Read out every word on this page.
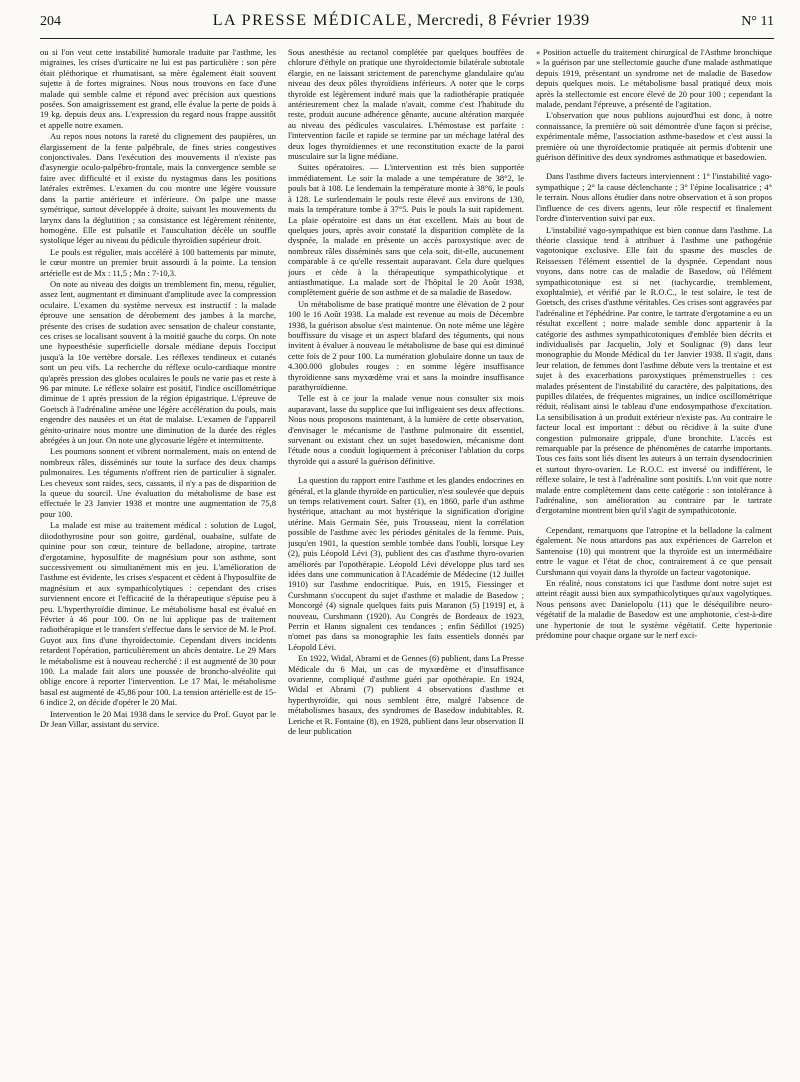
204	LA PRESSE MÉDICALE, Mercredi, 8 Février 1939	N° 11

ou si l'on veut cette instabilité humorale traduite par l'asthme, les migraines, les crises d'urticaire ne lui est pas particulière : son père était pléthorique et rhumatisant, sa mère également était souvent sujette à de fortes migraines. Nous nous trouvons en face d'une malade qui semble calme et répond avec précision aux questions posées. Son amaigrissement est grand, elle évalue la perte de poids à 19 kg. depuis deux ans. L'expression du regard nous frappe aussitôt et appelle notre examen.

Au repos nous notons la rareté du clignement des paupières, un élargissement de la fente palpébrale, de fines stries congestives conjonctivales. Dans l'exécution des mouvements il n'existe pas d'asynergie oculo-palpébro-frontale, mais la convergence semble se faire avec difficulté et il existe du nystagmus dans les positions latérales extrêmes. L'examen du cou montre une légère voussure dans la partie antérieure et inférieure. On palpe une masse symétrique, surtout développée à droite, suivant les mouvements du larynx dans la déglutition ; sa consistance est légèrement rénitente, homogène. Elle est pulsatile et l'auscultation décèle un souffle systolique léger au niveau du pédicule thyroïdien supérieur droit.

Le pouls est régulier, mais accéléré à 100 battements par minute, le cœur montre un premier bruit assourdi à la pointe. La tension artérielle est de Mx : 11,5 ; Mn : 7-10,3.

On note au niveau des doigts un tremblement fin, menu, régulier, assez lent, augmentant et diminuant d'amplitude avec la compression oculaire. L'examen du système nerveux est instructif : la malade éprouve une sensation de dérobement des jambes à la marche, présente des crises de sudation avec sensation de chaleur constante, ces crises se localisant souvent à la moitié gauche du corps. On note une hypoesthésie superficielle dorsale médiane depuis l'occiput jusqu'à la 10e vertèbre dorsale. Les réflexes tendineux et cutanés sont un peu vifs. La recherche du réflexe oculo-cardiaque montre qu'après pression des globes oculaires le pouls ne varie pas et reste à 96 par minute. Le réflexe solaire est positif, l'indice oscillométrique diminue de 1 après pression de la région épigastrique. L'épreuve de Goetsch à l'adrénaline amène une légère accélération du pouls, mais engendre des nausées et un état de malaise. L'examen de l'appareil génito-urinaire nous montre une diminution de la durée des règles abrégées à un jour. On note une glycosurie légère et intermittente.

Les poumons sonnent et vibrent normalement, mais on entend de nombreux râles, disséminés sur toute la surface des deux champs pulmonaires. Les téguments n'offrent rien de particulier à signaler. Les cheveux sont raides, secs, cassants, il n'y a pas de disparition de la queue du sourcil. Une évaluation du métabolisme de base est effectuée le 23 Janvier 1938 et montre une augmentation de 75,8 pour 100.

La malade est mise au traitement médical : solution de Lugol, diiodothyrosine pour son goitre, gardénal, ouabaïne, sulfate de quinine pour son cœur, teinture de belladone, atropine, tartrate d'ergotamine, hyposulfite de magnésium pour son asthme, sont successivement ou simultanément mis en jeu. L'amélioration de l'asthme est évidente, les crises s'espacent et cèdent à l'hyposulfite de magnésium et aux sympathicolytiques : cependant des crises surviennent encore et l'efficacité de la thérapeutique s'épuise peu à peu. L'hyperthyroïdie diminue. Le métabolisme basal est évalué en Février à 46 pour 100. On ne lui applique pas de traitement radiothérapique et le transfert s'effectue dans le service de M. le Prof. Guyot aux fins d'une thyroïdectomie. Cependant divers incidents retardent l'opération, particulièrement un abcès dentaire. Le 29 Mars le métabolisme est à nouveau recherché : il est augmenté de 30 pour 100. La malade fait alors une poussée de broncho-alvéolite qui oblige encore à reporter l'intervention. Le 17 Mai, le métabolisme basal est augmenté de 45,86 pour 100. La tension artérielle est de 15-6 indice 2, on décide d'opérer le 20 Mai.

Intervention le 20 Mai 1938 dans le service du Prof. Guyot par le Dr Jean Villar, assistant du service.

Sous anesthésie au rectanol complétée par quelques bouffées de chlorure d'éthyle on pratique une thyroïdectomie bilatérale subtotale élargie, en ne laissant strictement de parenchyme glandulaire qu'au niveau des deux pôles thyroïdiens inférieurs. A noter que le corps thyroïde est légèrement induré mais que la radiothérapie pratiquée antérieurement chez la malade n'avait, comme c'est l'habitude du reste, produit aucune adhérence gênante, aucune altération marquée au niveau des pédicules vasculaires. L'hémostase est parfaite : l'intervention facile et rapide se termine par un méchage latéral des deux loges thyroïdiennes et une reconstitution exacte de la paroi musculaire sur la ligne médiane.

Suites opératoires. — L'intervention est très bien supportée immédiatement. Le soir la malade a une température de 38°2, le pouls bat à 108. Le lendemain la température monte à 38°6, le pouls à 128. Le surlendemain le pouls reste élevé aux environs de 130, mais la température tombe à 37°5. Puis le pouls la suit rapidement. La plaie opératoire est dans un état excellent. Mais au bout de quelques jours, après avoir constaté la disparition complète de la dyspnée, la malade en présente un accès paroxystique avec de nombreux râles disséminés sans que cela soit, dit-elle, aucunement comparable à ce qu'elle ressentait auparavant. Cela dure quelques jours et cède à la thérapeutique sympathicolytique et antiasthmatique. La malade sort de l'hôpital le 20 Août 1938, complètement guérie de son asthme et de sa maladie de Basedow.

Un métabolisme de base pratiqué montre une élévation de 2 pour 100 le 16 Août 1938. La malade est revenue au mois de Décembre 1938, la guérison absolue s'est maintenue. On note même une légère bouffissure du visage et un aspect blafard des téguments, qui nous invitent à évaluer à nouveau le métabolisme de base qui est diminué cette fois de 2 pour 100. La numération globulaire donne un taux de 4.300.000 globules rouges : en somme légère insuffisance thyroïdienne sans myxœdème vrai et sans la moindre insuffisance parathyroïdienne.

Telle est à ce jour la malade venue nous consulter six mois auparavant, lasse du supplice que lui infligeaient ses deux affections. Nous nous proposons maintenant, à la lumière de cette observation, d'envisager le mécanisme de l'asthme pulmonaire dit essentiel, survenant ou existant chez un sujet basedowien, mécanisme dont l'étude nous a conduit logiquement à préconiser l'ablation du corps thyroïde qui a assuré la guérison définitive.

La question du rapport entre l'asthme et les glandes endocrines en général, et la glande thyroïde en particulier, n'est soulevée que depuis un temps relativement court. Salter (1), en 1860, parle d'un asthme hystérique, attachant au mot hystérique la signification d'origine utérine. Mais Germain Sée, puis Trousseau, nient la corrélation possible de l'asthme avec les périodes génitales de la femme. Puis, jusqu'en 1901, la question semble tombée dans l'oubli, lorsque Ley (2), puis Léopold Lévi (3), publient des cas d'asthme thyro-ovarien améliorés par l'opothérapie. Léopold Lévi développe plus tard ses idées dans une communication à l'Académie de Médecine (12 Juillet 1910) sur l'asthme endocritique. Puis, en 1915, Fiessinger et Curshmann s'occupent du sujet d'asthme et maladie de Basedow ; Moncorgé (4) signale quelques faits puis Maranon (5) [1919] et, à nouveau, Curshmann (1920). Au Congrès de Bordeaux de 1923, Perrin et Hanns signalent ces tendances ; enfin Sédillot (1925) n'omet pas dans sa monographie les faits essentiels donnés par Léopold Lévi.

En 1922, Widal, Abrami et de Gennes (6) publient, dans La Presse Médicale du 6 Mai, un cas de myxœdème et d'insuffisance ovarienne, compliqué d'asthme guéri par opothérapie. En 1924, Widal et Abrami (7) publient 4 observations d'asthme et hyperthyroïdie, qui nous semblent être, malgré l'absence de métabolismes basaux, des syndromes de Basedow indubitables. R. Leriche et R. Fontaine (8), en 1928, publient dans leur observation II de leur publication

« Position actuelle du traitement chirurgical de l'Asthme bronchique » la guérison par une stellectomie gauche d'une malade asthmatique depuis 1919, présentant un syndrome net de maladie de Basedow depuis quelques mois. Le métabolisme basal pratiqué deux mois après la stellectomie est encore élevé de 20 pour 100 ; cependant la malade, pendant l'épreuve, a présenté de l'agitation.

L'observation que nous publions aujourd'hui est donc, à notre connaissance, la première où soit démontrée d'une façon si précise, expérimentale même, l'association asthme-basedow et c'est aussi la première où une thyroïdectomie pratiquée ait permis d'obtenir une guérison définitive des deux syndromes asthmatique et basedowien.

Dans l'asthme divers facteurs interviennent : 1° l'instabilité vago-sympathique ; 2° la cause déclenchante ; 3° l'épine localisatrice ; 4° le terrain. Nous allons étudier dans notre observation et à son propos l'influence de ces divers agents, leur rôle respectif et finalement l'ordre d'intervention suivi par eux.

L'instabilité vago-sympathique est bien connue dans l'asthme. La théorie classique tend à attribuer à l'asthme une pathogénie vagotonique exclusive. Elle fait du spasme des muscles de Reissessen l'élément essentiel de la dyspnée. Cependant nous voyons, dans notre cas de maladie de Basedow, où l'élément sympathicotonique est si net (tachycardie, tremblement, exophtalmie), et vérifié par le R.O.C., le test solaire, le test de Goetsch, des crises d'asthme véritables. Ces crises sont aggravées par l'adrénaline et l'éphédrine. Par contre, le tartrate d'ergotamine a eu un résultat excellent ; notre malade semble donc appartenir à la catégorie des asthmes sympathicotoniques d'emblée bien décrits et individualisés par Jacquelin, Joly et Soulignac (9) dans leur monographie du Monde Médical du 1er Janvier 1938. Il s'agit, dans leur relation, de femmes dont l'asthme débute vers la trentaine et est sujet à des exacerbations paroxystiques prémenstruelles : ces malades présentent de l'instabilité du caractère, des palpitations, des pupilles dilatées, de fréquentes migraines, un indice oscillométrique réduit, réalisant ainsi le tableau d'une endosympathose d'excitation. La sensibilisation à un produit extérieur n'existe pas. Au contraire le facteur local est important : début ou récidive à la suite d'une congestion pulmonaire grippale, d'une bronchite. L'accès est remarquable par la présence de phénomènes de catarrhe importants. Tous ces faits sont liés disent les auteurs à un terrain dysendocrinien et surtout thyro-ovarien. Le R.O.C. est inversé ou indifférent, le réflexe solaire, le test à l'adrénaline sont positifs. L'on voit que notre malade entre complètement dans cette catégorie : son intolérance à l'adrénaline, son amélioration au contraire par le tartrate d'ergotamine montrent bien qu'il s'agit de sympathicotonie.

Cependant, remarquons que l'atropine et la belladone la calment également. Ne nous attardons pas aux expériences de Garrelon et Santenoise (10) qui montrent que la thyroïde est un intermédiaire entre le vague et l'état de choc, contrairement à ce que pensait Curshmann qui voyait dans la thyroïde un facteur vagotonique.

En réalité, nous constatons ici que l'asthme dont notre sujet est atteint réagit aussi bien aux sympathicolytiques qu'aux vagolytiques. Nous pensons avec Danielopolu (11) que le déséquilibre neuro-végétatif de la maladie de Basedow est une amphotonie, c'est-à-dire une hypertonie de tout le système végétatif. Cette hypertonie prédomine pour chaque organe sur le nerf exci-
